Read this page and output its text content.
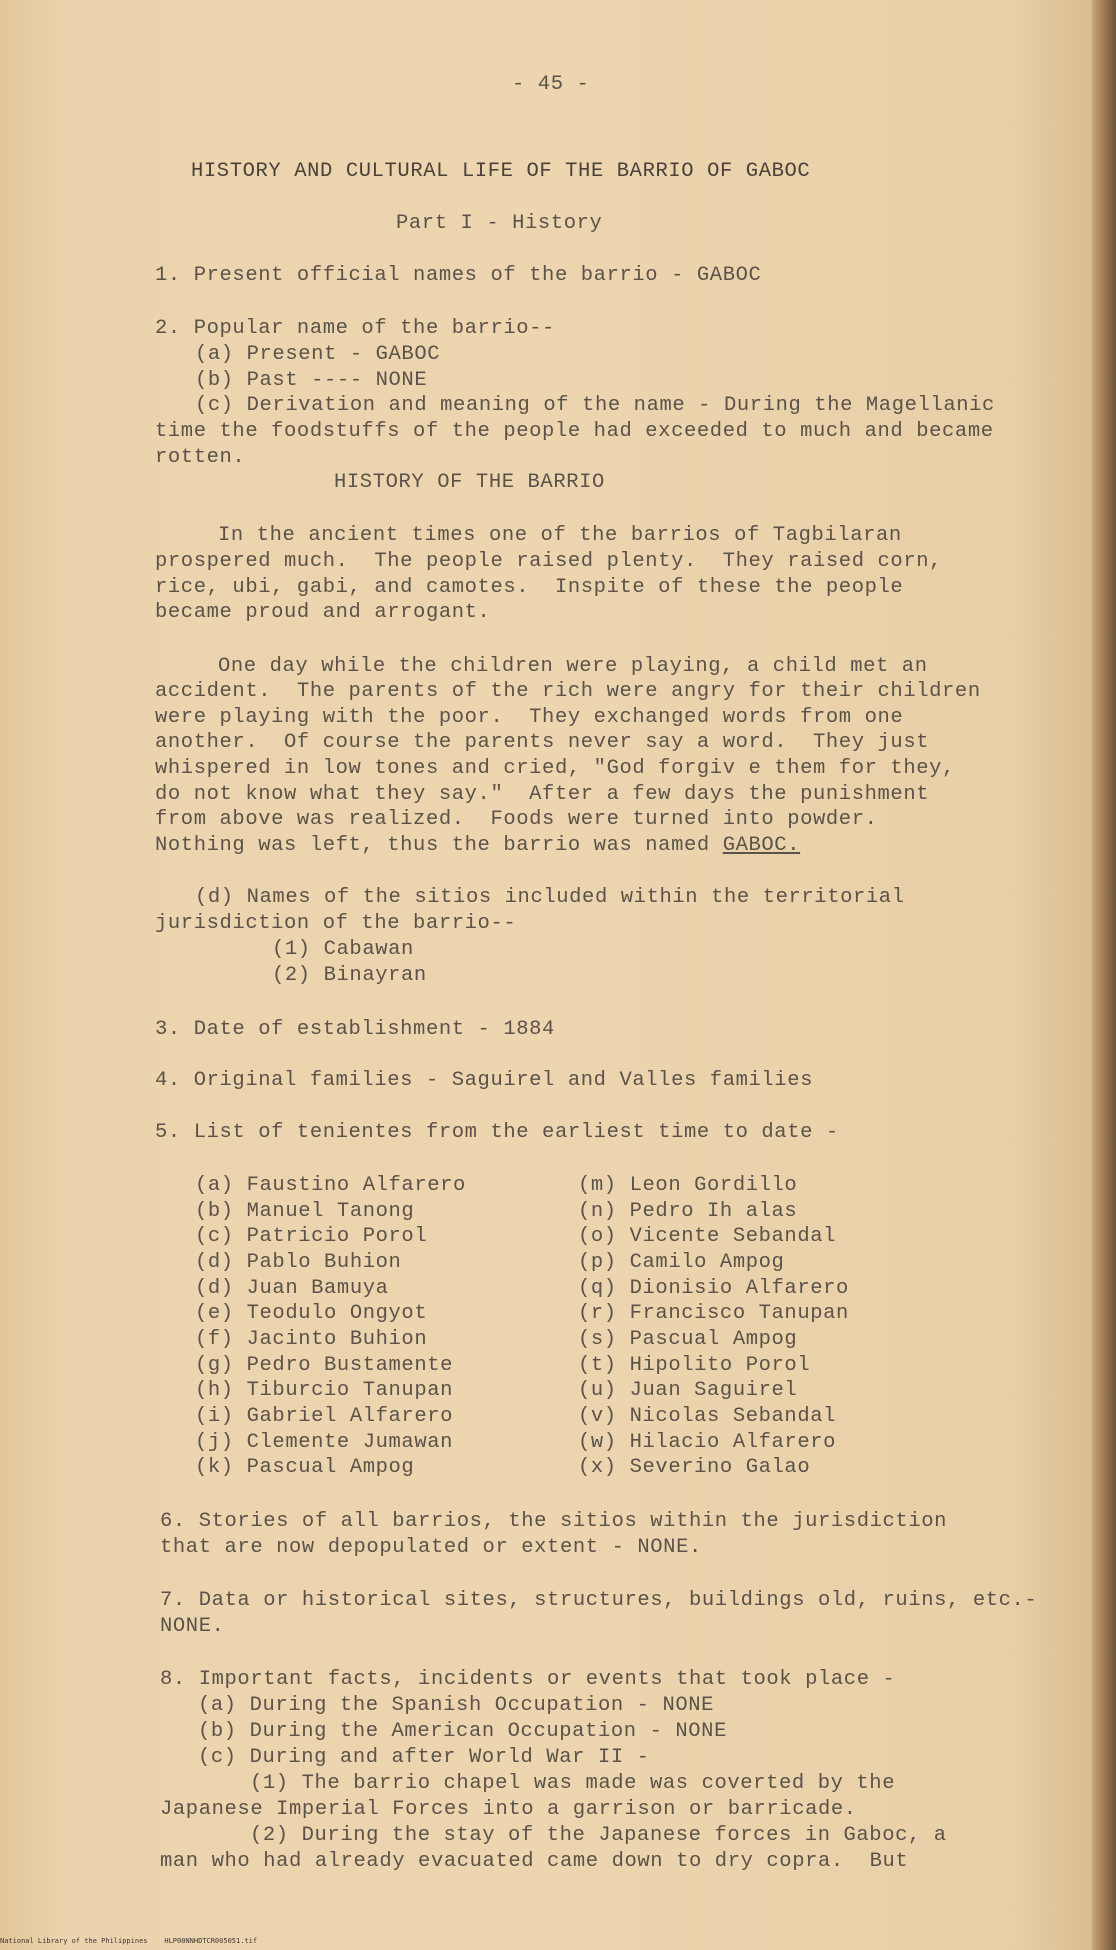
- 45 -
HISTORY AND CULTURAL LIFE OF THE BARRIO OF GABOC
Part I - History
1. Present official names of the barrio - GABOC
2. Popular name of the barrio--
(a) Present - GABOC
(b) Past ---- NONE
(c) Derivation and meaning of the name - During the Magellanic
time the foodstuffs of the people had exceeded to much and became
rotten.
HISTORY OF THE BARRIO
In the ancient times one of the barrios of Tagbilaran
prospered much.  The people raised plenty.  They raised corn,
rice, ubi, gabi, and camotes.  Inspite of these the people
became proud and arrogant.
One day while the children were playing, a child met an
accident.  The parents of the rich were angry for their children
were playing with the poor.  They exchanged words from one
another.  Of course the parents never say a word.  They just
whispered in low tones and cried, "God forgiv e them for they,
do not know what they say."  After a few days the punishment
from above was realized.  Foods were turned into powder.
Nothing was left, thus the barrio was named GABOC.
(d) Names of the sitios included within the territorial
jurisdiction of the barrio--
(1) Cabawan
(2) Binayran
3. Date of establishment - 1884
4. Original families - Saguirel and Valles families
5. List of tenientes from the earliest time to date -
(a) Faustino Alfarero
(b) Manuel Tanong
(c) Patricio Porol
(d) Pablo Buhion
(d) Juan Bamuya
(e) Teodulo Ongyot
(f) Jacinto Buhion
(g) Pedro Bustamente
(h) Tiburcio Tanupan
(i) Gabriel Alfarero
(j) Clemente Jumawan
(k) Pascual Ampog
(m) Leon Gordillo
(n) Pedro Ih alas
(o) Vicente Sebandal
(p) Camilo Ampog
(q) Dionisio Alfarero
(r) Francisco Tanupan
(s) Pascual Ampog
(t) Hipolito Porol
(u) Juan Saguirel
(v) Nicolas Sebandal
(w) Hilacio Alfarero
(x) Severino Galao
6. Stories of all barrios, the sitios within the jurisdiction
that are now depopulated or extent - NONE.
7. Data or historical sites, structures, buildings old, ruins, etc.-
NONE.
8. Important facts, incidents or events that took place -
(a) During the Spanish Occupation - NONE
(b) During the American Occupation - NONE
(c) During and after World War II -
(1) The barrio chapel was made was coverted by the
Japanese Imperial Forces into a garrison or barricade.
(2) During the stay of the Japanese forces in Gaboc, a
man who had already evacuated came down to dry copra.  But
National Library of the Philippines    HLP00NNHDTCR005051.tif
